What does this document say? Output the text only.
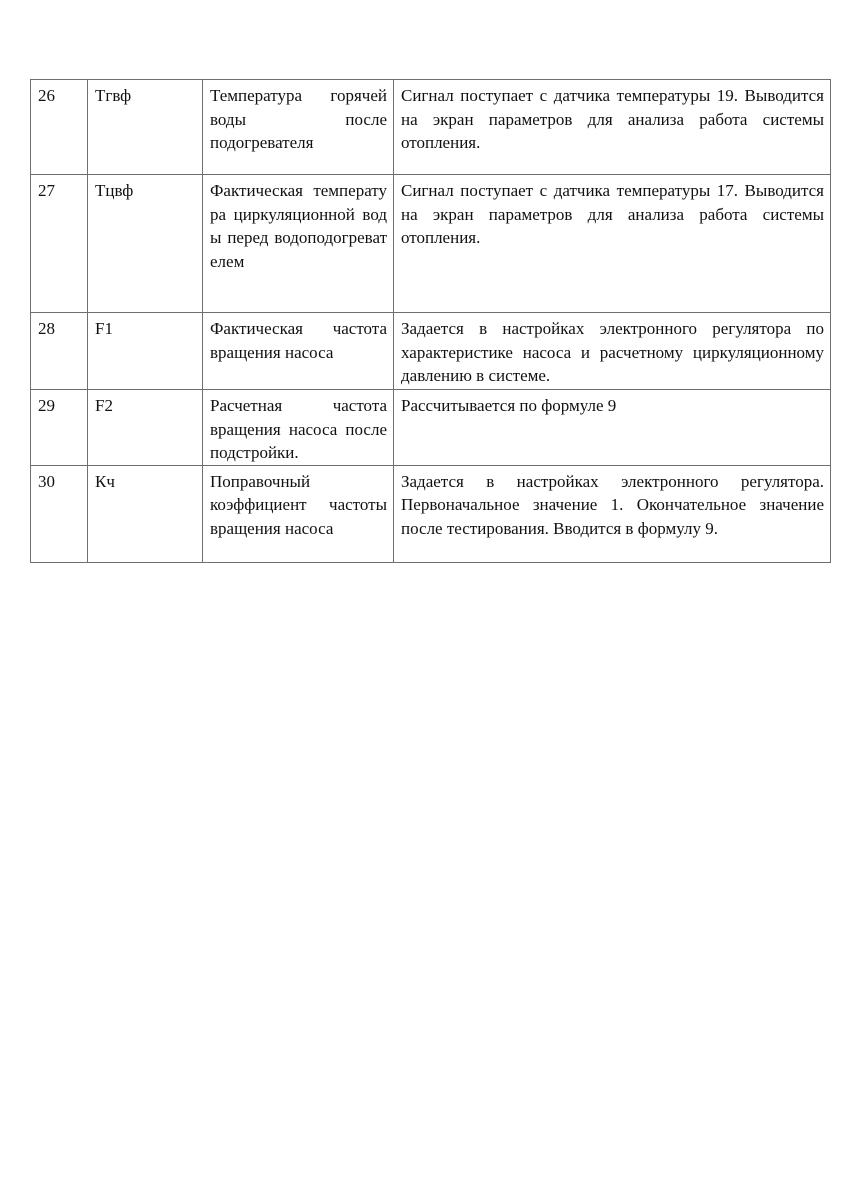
26	Tгвф	Температура горячей воды после подогревателя	Сигнал поступает с датчика температуры 19. Выводится на экран параметров для анализа работа системы отопления.
27	Tцвф	Фактическая температура циркуляционной воды перед водоподогревателем	Сигнал поступает с датчика температуры 17. Выводится на экран параметров для анализа работа системы отопления.
28	F1	Фактическая частота вращения насоса	Задается в настройках электронного регулятора по характеристике насоса и расчетному циркуляционному давлению в системе.
29	F2	Расчетная частота вращения насоса после подстройки.	Рассчитывается по формуле 9
30	Кч	Поправочный коэффициент частоты вращения насоса	Задается в настройках электронного регулятора. Первоначальное значение 1. Окончательное значение после тестирования. Вводится в формулу 9.
